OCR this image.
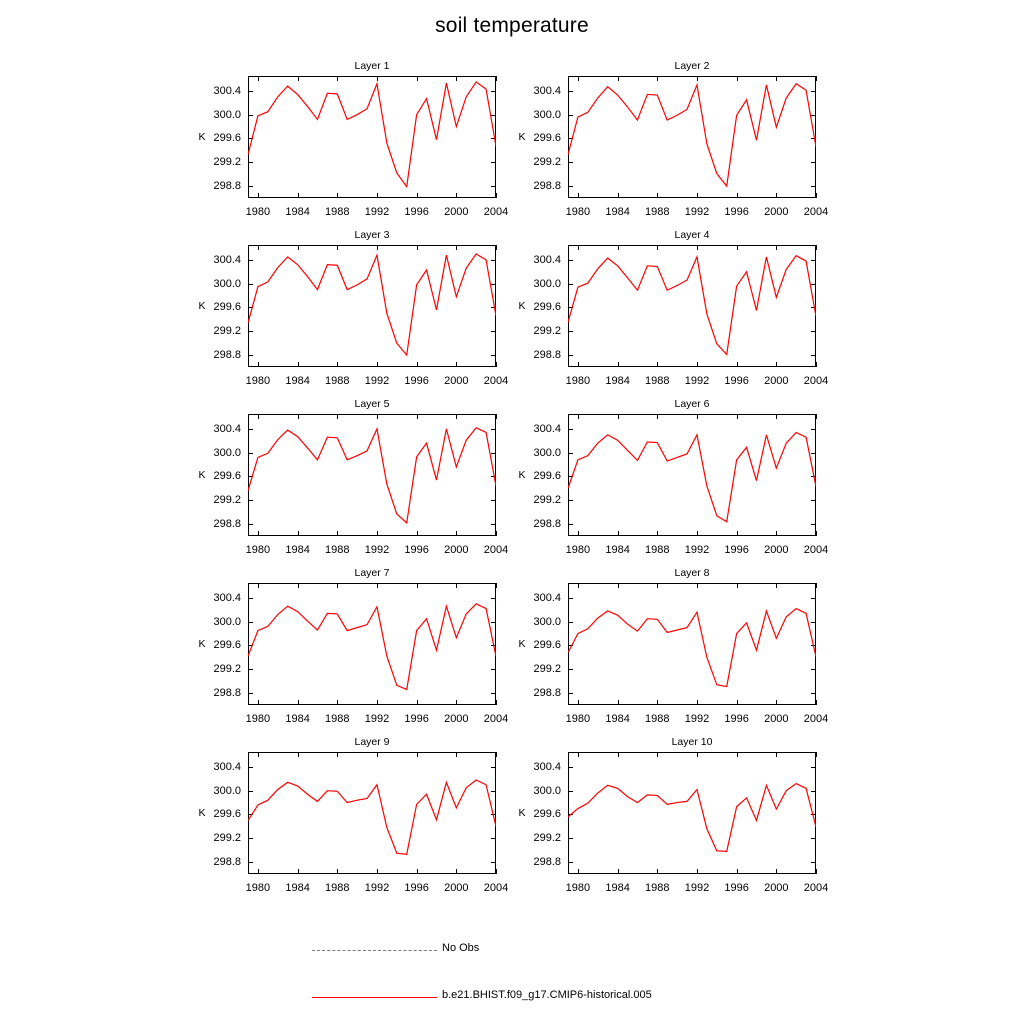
soil temperature
Layer 1
K
298.8
299.2
299.6
300.0
300.4
1980 1984 1988 1992 1996 2000 2004
Layer 2
K
298.8
299.2
299.6
300.0
300.4
1980 1984 1988 1992 1996 2000 2004
Layer 3
K
298.8
299.2
299.6
300.0
300.4
1980 1984 1988 1992 1996 2000 2004
Layer 4
K
298.8
299.2
299.6
300.0
300.4
1980 1984 1988 1992 1996 2000 2004
Layer 5
K
298.8
299.2
299.6
300.0
300.4
1980 1984 1988 1992 1996 2000 2004
Layer 6
K
298.8
299.2
299.6
300.0
300.4
1980 1984 1988 1992 1996 2000 2004
Layer 7
K
298.8
299.2
299.6
300.0
300.4
1980 1984 1988 1992 1996 2000 2004
Layer 8
K
298.8
299.2
299.6
300.0
300.4
1980 1984 1988 1992 1996 2000 2004
Layer 9
K
298.8
299.2
299.6
300.0
300.4
1980 1984 1988 1992 1996 2000 2004
Layer 10
K
298.8
299.2
299.6
300.0
300.4
1980 1984 1988 1992 1996 2000 2004
No Obs
b.e21.BHIST.f09_g17.CMIP6-historical.005
